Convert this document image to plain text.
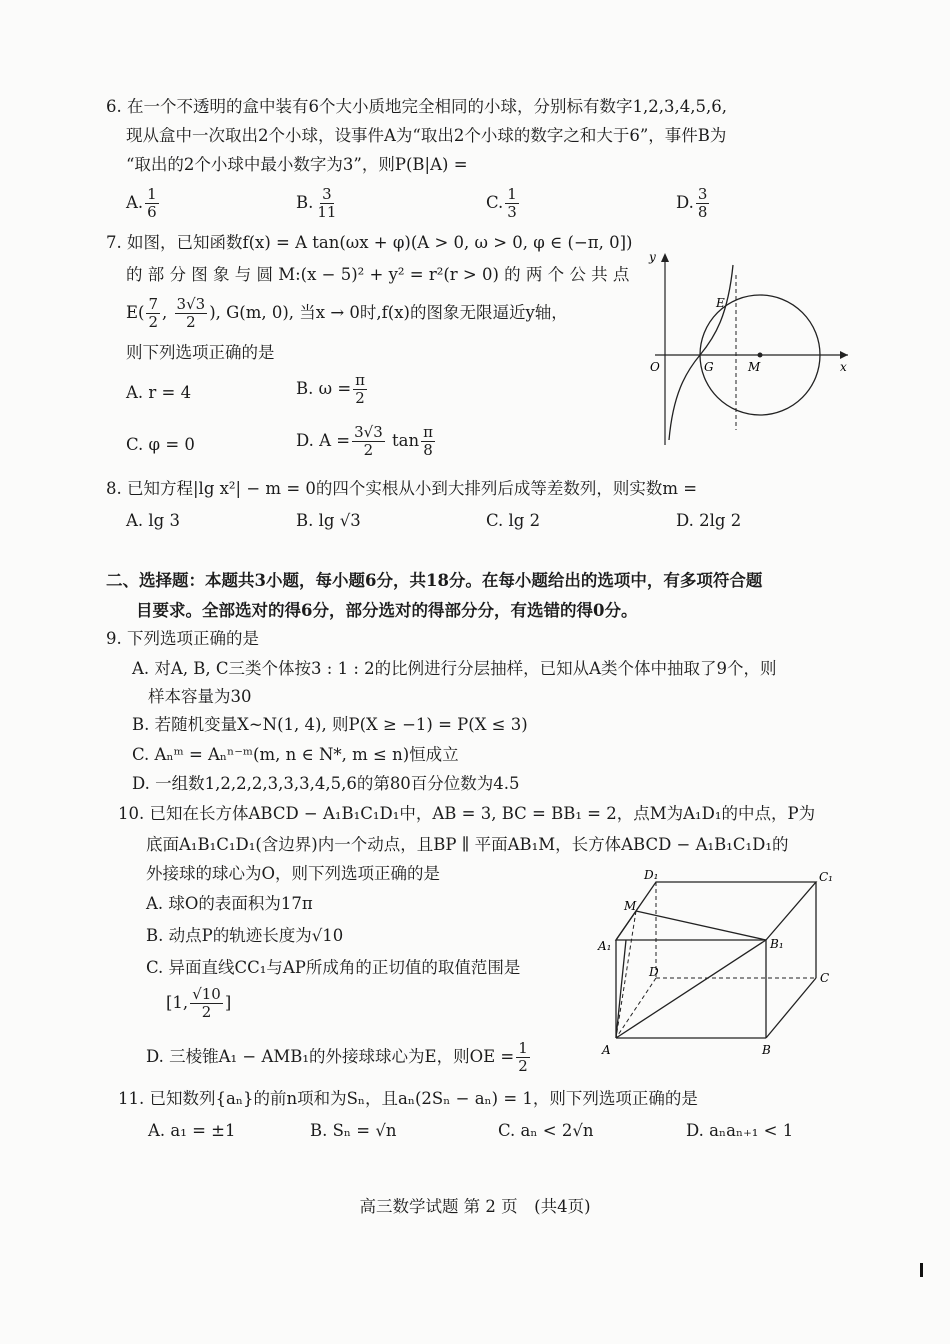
6. 在一个不透明的盒中装有6个大小质地完全相同的小球，分别标有数字1,2,3,4,5,6,
现从盒中一次取出2个小球，设事件A为“取出2个小球的数字之和大于6”，事件B为
“取出的2个小球中最小数字为3”，则P(B|A) =
A. $\frac{1}{6}$	B. $\frac{3}{11}$	C. $\frac{1}{3}$	D. $\frac{3}{8}$
7. 如图，已知函数f(x) = A tan(ωx + φ)(A > 0, ω > 0, φ ∈ (−π, 0])
的 部 分 图 象 与 圆 M:(x − 5)² + y² = r²(r > 0) 的 两 个 公 共 点
$E( \frac{7}{2}$ , $\frac{3√3}{2}$ ), G(m, 0), 当x → 0时,f(x)的图象无限逼近y轴，
则下列选项正确的是
A. r = 4	B. $\omega = \frac{\pi}{2}$
C. φ = 0	D. $A = \frac{3√3}{2}$ $\tan \frac{\pi}{8}$
y
O	G	M	x
E
8. 已知方程|lg x²| − m = 0的四个实根从小到大排列后成等差数列，则实数m =
A. lg 3	B. lg √3	C. lg 2	D. 2lg 2
二、选择题：本题共3小题，每小题6分，共18分。在每小题给出的选项中，有多项符合题
目要求。全部选对的得6分，部分选对的得部分分，有选错的得0分。
9. 下列选项正确的是
A. 对A, B, C三类个体按3 : 1 : 2的比例进行分层抽样，已知从A类个体中抽取了9个，则
样本容量为30
B. 若随机变量X~N(1, 4), 则P(X ≥ −1) = P(X ≤ 3)
C. Aₙᵐ = Aₙⁿ⁻ᵐ(m, n ∈ N*, m ≤ n)恒成立
D. 一组数1,2,2,2,3,3,3,4,5,6的第80百分位数为4.5
10. 已知在长方体ABCD − A₁B₁C₁D₁中，AB = 3, BC = BB₁ = 2，点M为A₁D₁的中点，P为
底面A₁B₁C₁D₁(含边界)内一个动点，且BP ∥ 平面AB₁M，长方体ABCD − A₁B₁C₁D₁的
外接球的球心为O，则下列选项正确的是
A. 球O的表面积为17π
B. 动点P的轨迹长度为√10
C. 异面直线CC₁与AP所成角的正切值的取值范围是
[1, $\frac{√10}{2}$ ]
D. 三棱锥A₁ − AMB₁的外接球球心为E，则OE = $\frac{1}{2}$
D₁	C₁
M
A₁	B₁
D	C
A	B
11. 已知数列{aₙ}的前n项和为Sₙ，且aₙ(2Sₙ − aₙ) = 1，则下列选项正确的是
A. a₁ = ±1	B. Sₙ = √n	C. aₙ < 2√n	D. aₙaₙ₊₁ < 1
高三数学试题 第 2 页　(共4页)
